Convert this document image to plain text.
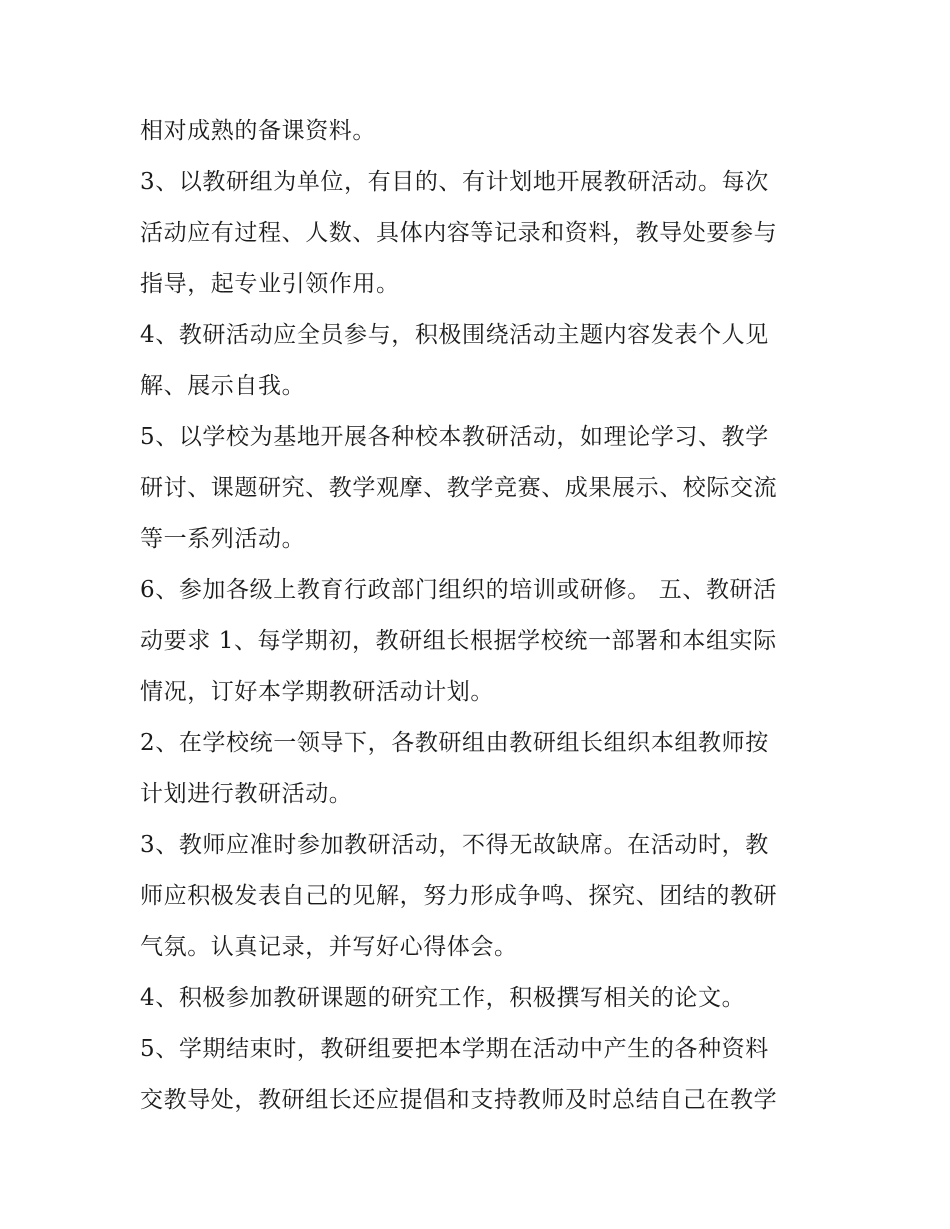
相对成熟的备课资料。
3、以教研组为单位，有目的、有计划地开展教研活动。每次
活动应有过程、人数、具体内容等记录和资料，教导处要参与
指导，起专业引领作用。
4、教研活动应全员参与，积极围绕活动主题内容发表个人见
解、展示自我。
5、以学校为基地开展各种校本教研活动，如理论学习、教学
研讨、课题研究、教学观摩、教学竞赛、成果展示、校际交流
等一系列活动。
6、参加各级上教育行政部门组织的培训或研修。 五、教研活
动要求 1、每学期初，教研组长根据学校统一部署和本组实际
情况，订好本学期教研活动计划。
2、在学校统一领导下，各教研组由教研组长组织本组教师按
计划进行教研活动。
3、教师应准时参加教研活动，不得无故缺席。在活动时，教
师应积极发表自己的见解，努力形成争鸣、探究、团结的教研
气氛。认真记录，并写好心得体会。
4、积极参加教研课题的研究工作，积极撰写相关的论文。
5、学期结束时，教研组要把本学期在活动中产生的各种资料
交教导处，教研组长还应提倡和支持教师及时总结自己在教学
